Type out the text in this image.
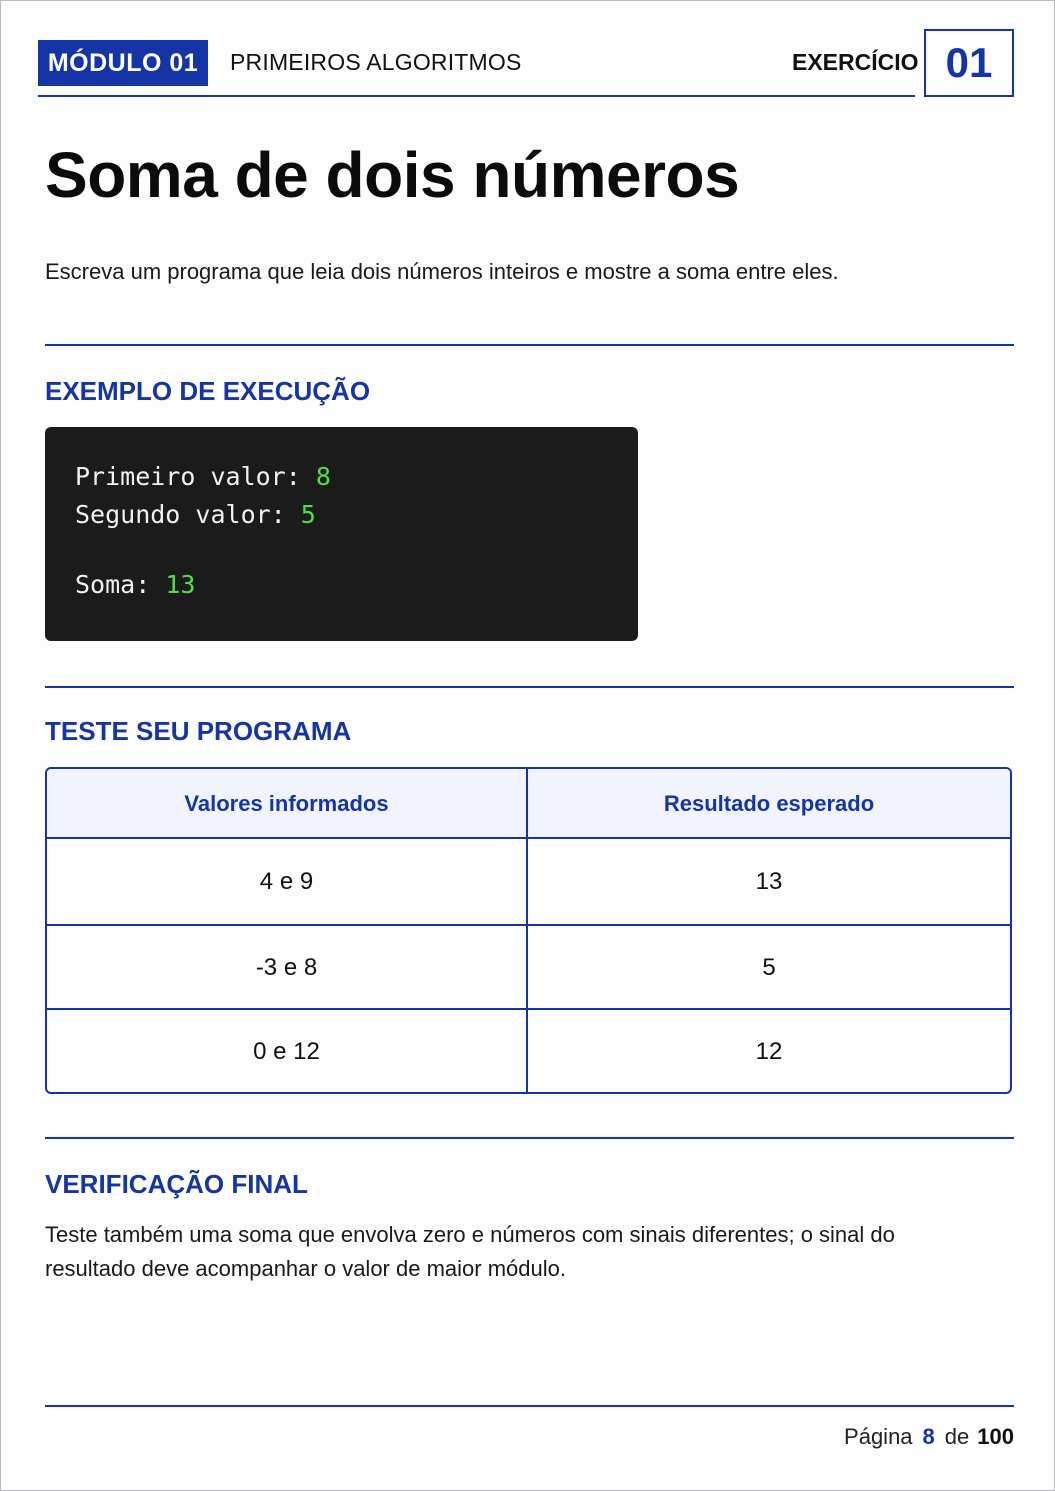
MÓDULO 01	PRIMEIROS ALGORITMOS	EXERCÍCIO 01
Soma de dois números
Escreva um programa que leia dois números inteiros e mostre a soma entre eles.
EXEMPLO DE EXECUÇÃO
Primeiro valor: 8
Segundo valor: 5
Soma: 13
TESTE SEU PROGRAMA
Valores informados	Resultado esperado
4 e 9	13
-3 e 8	5
0 e 12	12
VERIFICAÇÃO FINAL
Teste também uma soma que envolva zero e números com sinais diferentes; o sinal do resultado deve acompanhar o valor de maior módulo.
Página 8 de 100
